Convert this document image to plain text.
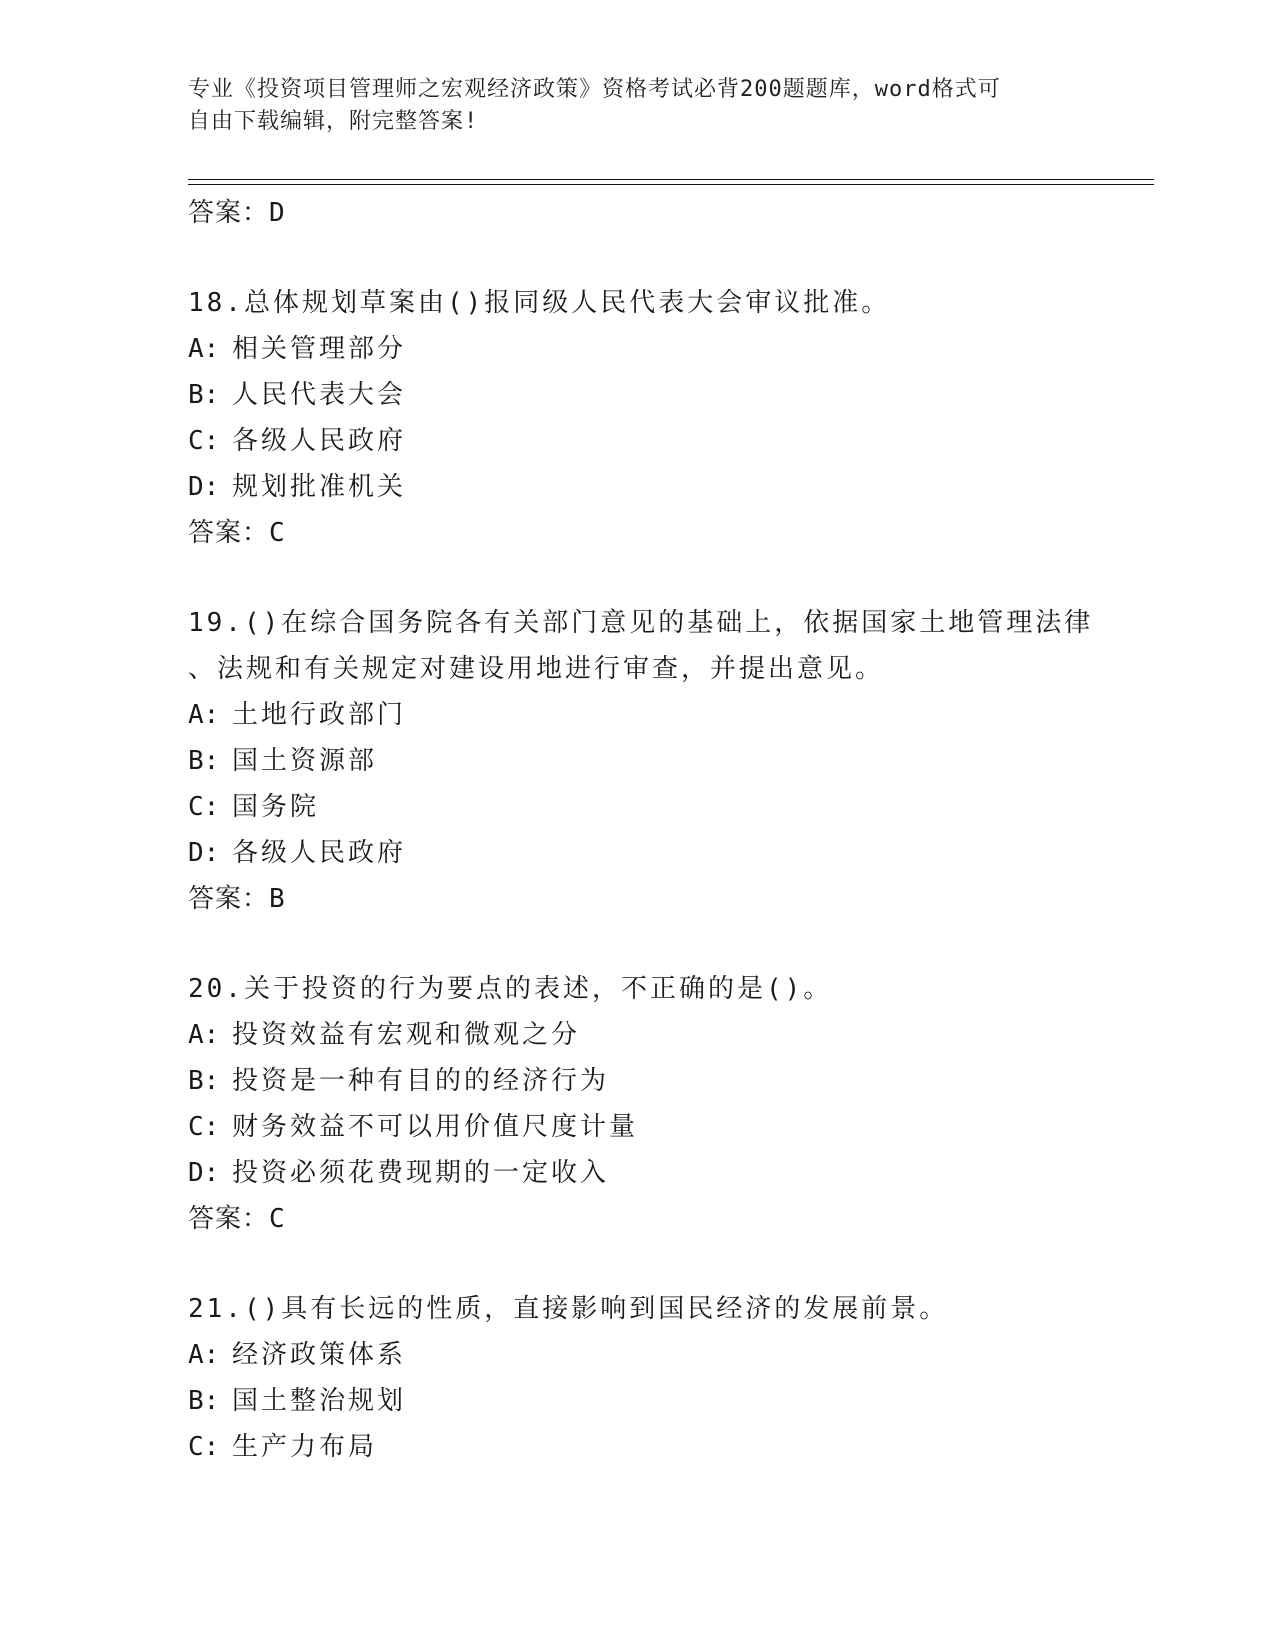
专业《投资项目管理师之宏观经济政策》资格考试必背200题题库，word格式可
自由下载编辑，附完整答案!
答案：D
18.总体规划草案由()报同级人民代表大会审议批准。
A: 相关管理部分
B: 人民代表大会
C: 各级人民政府
D: 规划批准机关
答案：C
19.()在综合国务院各有关部门意见的基础上，依据国家土地管理法律
、法规和有关规定对建设用地进行审查，并提出意见。
A: 土地行政部门
B: 国土资源部
C: 国务院
D: 各级人民政府
答案：B
20.关于投资的行为要点的表述，不正确的是()。
A: 投资效益有宏观和微观之分
B: 投资是一种有目的的经济行为
C: 财务效益不可以用价值尺度计量
D: 投资必须花费现期的一定收入
答案：C
21.()具有长远的性质，直接影响到国民经济的发展前景。
A: 经济政策体系
B: 国土整治规划
C: 生产力布局
